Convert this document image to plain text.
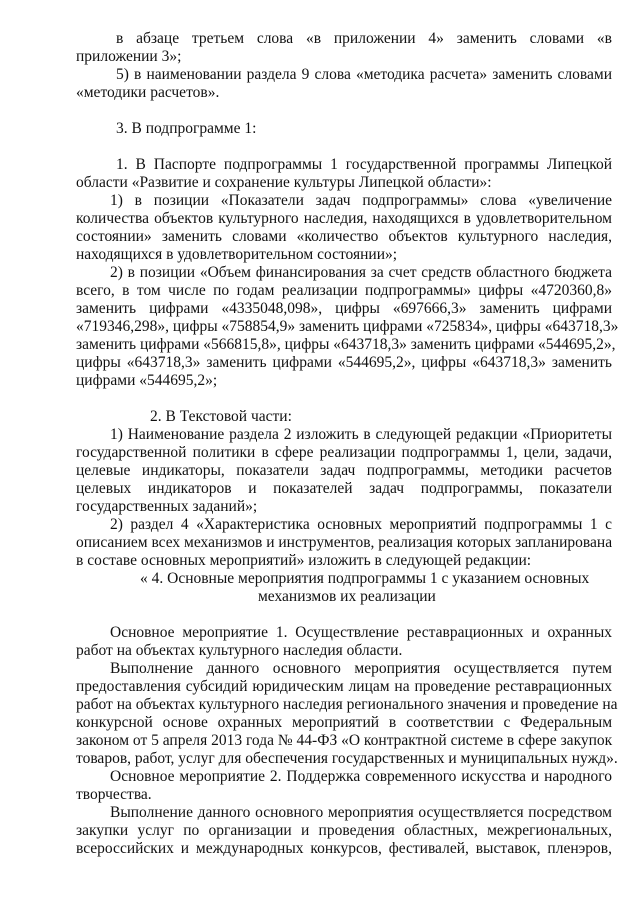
в абзаце третьем слова «в приложении 4» заменить словами «в
приложении 3»;
5) в наименовании раздела 9 слова «методика расчета» заменить словами
«методики расчетов».
3. В подпрограмме 1:
1. В Паспорте подпрограммы 1 государственной программы Липецкой
области «Развитие и сохранение культуры Липецкой области»:
1) в позиции «Показатели задач подпрограммы» слова «увеличение
количества объектов культурного наследия, находящихся в удовлетворительном
состоянии» заменить словами «количество объектов культурного наследия,
находящихся в удовлетворительном состоянии»;
2) в позиции «Объем финансирования за счет средств областного бюджета
всего, в том числе по годам реализации подпрограммы» цифры «4720360,8»
заменить цифрами «4335048,098», цифры «697666,3» заменить цифрами
«719346,298», цифры «758854,9» заменить цифрами «725834», цифры «643718,3»
заменить цифрами «566815,8», цифры «643718,3» заменить цифрами «544695,2»,
цифры «643718,3» заменить цифрами «544695,2», цифры «643718,3» заменить
цифрами «544695,2»;
2. В Текстовой части:
1) Наименование раздела 2 изложить в следующей редакции «Приоритеты
государственной политики в сфере реализации подпрограммы 1, цели, задачи,
целевые индикаторы, показатели задач подпрограммы, методики расчетов
целевых индикаторов и показателей задач подпрограммы, показатели
государственных заданий»;
2) раздел 4 «Характеристика основных мероприятий подпрограммы 1 с
описанием всех механизмов и инструментов, реализация которых запланирована
в составе основных мероприятий» изложить в следующей редакции:
« 4. Основные мероприятия подпрограммы 1 с указанием основных
механизмов их реализации
Основное мероприятие 1. Осуществление реставрационных и охранных
работ на объектах культурного наследия области.
Выполнение данного основного мероприятия осуществляется путем
предоставления субсидий юридическим лицам на проведение реставрационных
работ на объектах культурного наследия регионального значения и проведение на
конкурсной основе охранных мероприятий в соответствии с Федеральным
законом от 5 апреля 2013 года № 44-ФЗ «О контрактной системе в сфере закупок
товаров, работ, услуг для обеспечения государственных и муниципальных нужд».
Основное мероприятие 2. Поддержка современного искусства и народного
творчества.
Выполнение данного основного мероприятия осуществляется посредством
закупки услуг по организации и проведения областных, межрегиональных,
всероссийских и международных конкурсов, фестивалей, выставок, пленэров,
